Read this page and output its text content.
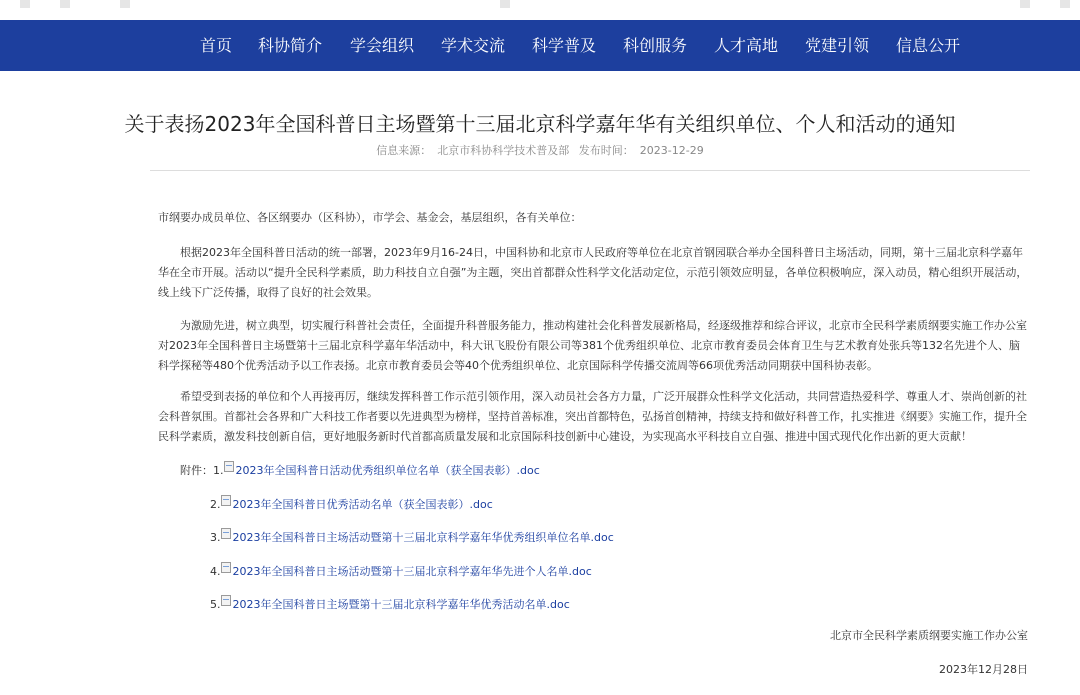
首页 科协简介 学会组织 学术交流 科学普及 科创服务 人才高地 党建引领 信息公开
关于表扬2023年全国科普日主场暨第十三届北京科学嘉年华有关组织单位、个人和活动的通知
信息来源： 北京市科协科学技术普及部 发布时间： 2023-12-29
市纲要办成员单位、各区纲要办（区科协），市学会、基金会，基层组织，各有关单位：
根据2023年全国科普日活动的统一部署，2023年9月16-24日，中国科协和北京市人民政府等单位在北京首钢园联合举办全国科普日主场活动，同期，第十三届北京科学嘉年华在全市开展。活动以“提升全民科学素质，助力科技自立自强”为主题，突出首都群众性科学文化活动定位，示范引领效应明显，各单位积极响应，深入动员，精心组织开展活动，线上线下广泛传播，取得了良好的社会效果。
为激励先进，树立典型，切实履行科普社会责任，全面提升科普服务能力，推动构建社会化科普发展新格局，经逐级推荐和综合评议，北京市全民科学素质纲要实施工作办公室对2023年全国科普日主场暨第十三届北京科学嘉年华活动中，科大讯飞股份有限公司等381个优秀组织单位、北京市教育委员会体育卫生与艺术教育处张兵等132名先进个人、脑科学探秘等480个优秀活动予以工作表扬。北京市教育委员会等40个优秀组织单位、北京国际科学传播交流周等66项优秀活动同期获中国科协表彰。
希望受到表扬的单位和个人再接再厉，继续发挥科普工作示范引领作用，深入动员社会各方力量，广泛开展群众性科学文化活动，共同营造热爱科学、尊重人才、崇尚创新的社会科普氛围。首都社会各界和广大科技工作者要以先进典型为榜样，坚持首善标准，突出首都特色，弘扬首创精神，持续支持和做好科普工作，扎实推进《纲要》实施工作，提升全民科学素质，激发科技创新自信，更好地服务新时代首都高质量发展和北京国际科技创新中心建设，为实现高水平科技自立自强、推进中国式现代化作出新的更大贡献！
附件：1. 2023年全国科普日活动优秀组织单位名单（获全国表彰）.doc
2. 2023年全国科普日优秀活动名单（获全国表彰）.doc
3. 2023年全国科普日主场活动暨第十三届北京科学嘉年华优秀组织单位名单.doc
4. 2023年全国科普日主场活动暨第十三届北京科学嘉年华先进个人名单.doc
5. 2023年全国科普日主场暨第十三届北京科学嘉年华优秀活动名单.doc
北京市全民科学素质纲要实施工作办公室
2023年12月28日
